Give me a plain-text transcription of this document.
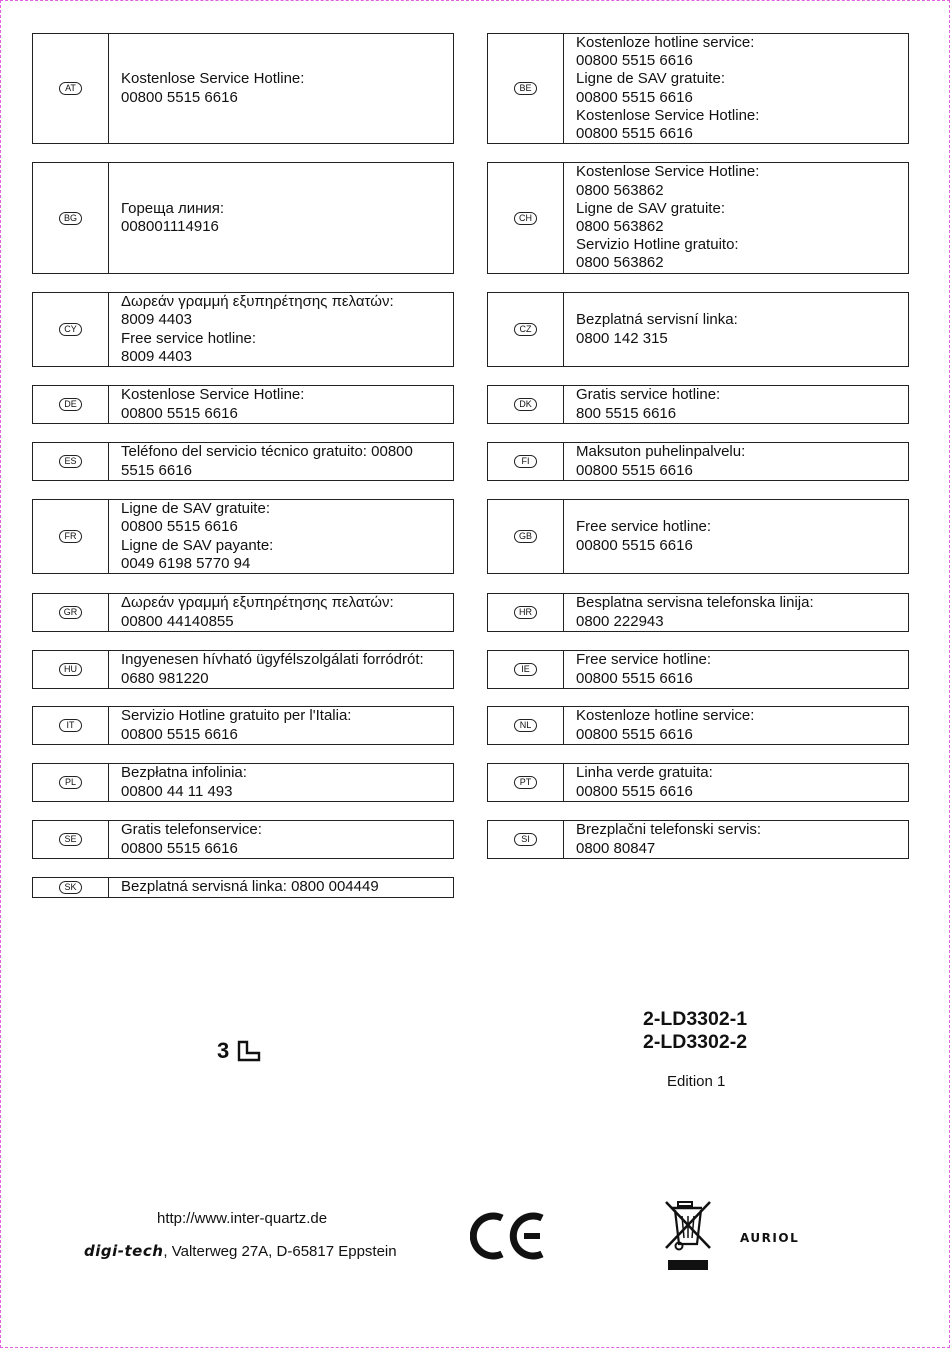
AT
Kostenlose Service Hotline:
00800 5515 6616
BE
Kostenloze hotline service:
00800 5515 6616
Ligne de SAV gratuite:
00800 5515 6616
Kostenlose Service Hotline:
00800 5515 6616
BG
Гореща линия:
008001114916
CH
Kostenlose Service Hotline:
0800 563862
Ligne de SAV gratuite:
0800 563862
Servizio Hotline gratuito:
0800 563862
CY
Δωρεάν γραμμή εξυπηρέτησης πελατών:
8009 4403
Free service hotline:
8009 4403
CZ
Bezplatná servisní linka:
0800 142 315
DE
Kostenlose Service Hotline:
00800 5515 6616
DK
Gratis service hotline:
800 5515 6616
ES
Teléfono del servicio técnico gratuito: 00800
5515 6616
FI
Maksuton puhelinpalvelu:
00800 5515 6616
FR
Ligne de SAV gratuite:
00800 5515 6616
Ligne de SAV payante:
0049 6198 5770 94
GB
Free service hotline:
00800 5515 6616
GR
Δωρεάν γραμμή εξυπηρέτησης πελατών:
00800 44140855
HR
Besplatna servisna telefonska linija:
0800 222943
HU
Ingyenesen hívható ügyfélszolgálati forródrót:
0680 981220
IE
Free service hotline:
00800 5515 6616
IT
Servizio Hotline gratuito per l'Italia:
00800 5515 6616
NL
Kostenloze hotline service:
00800 5515 6616
PL
Bezpłatna infolinia:
00800 44 11 493
PT
Linha verde gratuita:
00800 5515 6616
SE
Gratis telefonservice:
00800 5515 6616
SI
Brezplačni telefonski servis:
0800 80847
SK	Bezplatná servisná linka: 0800 004449
3
2-LD3302-1
2-LD3302-2
Edition 1
http://www.inter-quartz.de
digi-tech, Valterweg 27A, D-65817 Eppstein
AURIOL
